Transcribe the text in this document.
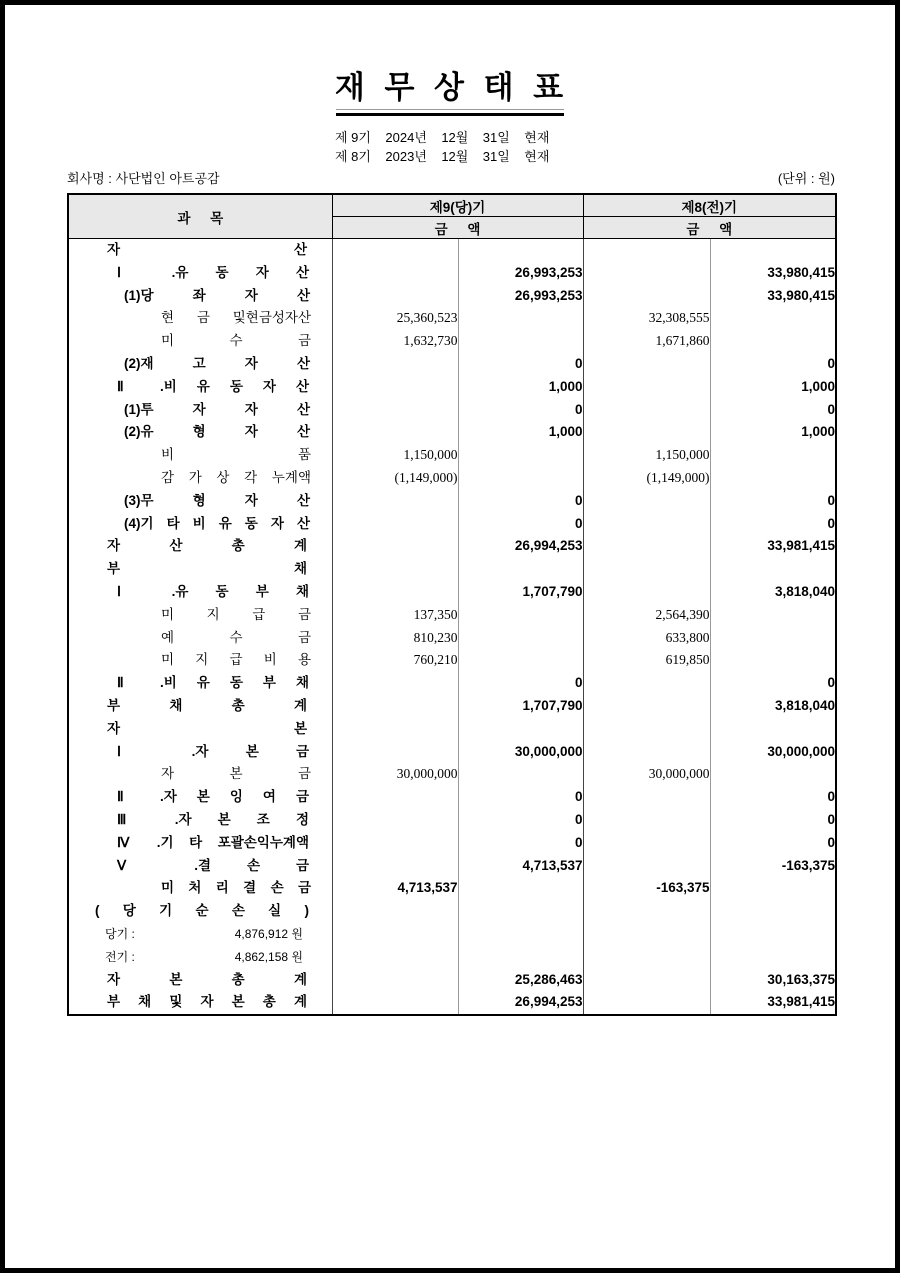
재 무 상 태 표
제 9기    2024년    12월    31일    현재
제 8기    2023년    12월    31일    현재
회사명 : 사단법인 아트공감	(단위 : 원)
과 목	제9(당)기		제8(전)기	
	금 액		금 액	

자 산				

Ⅰ .유 동 자 산		26,993,253		33,980,415

(1)당 좌 자 산		26,993,253		33,980,415

현 금 및현금성자산	25,360,523		32,308,555	

미 수 금	1,632,730		1,671,860	

(2)재 고 자 산		0		0

Ⅱ .비 유 동 자 산		1,000		1,000

(1)투 자 자 산		0		0

(2)유 형 자 산		1,000		1,000

비 품	1,150,000		1,150,000	

감 가 상 각 누계액	(1,149,000)		(1,149,000)	

(3)무 형 자 산		0		0

(4)기 타 비 유 동 자 산		0		0

자 산 총 계		26,994,253		33,981,415

부 채				

Ⅰ .유 동 부 채		1,707,790		3,818,040

미 지 급 금	137,350		2,564,390	

예 수 금	810,230		633,800	

미 지 급 비 용	760,210		619,850	

Ⅱ .비 유 동 부 채		0		0

부 채 총 계		1,707,790		3,818,040

자 본				

Ⅰ .자 본 금		30,000,000		30,000,000

자 본 금	30,000,000		30,000,000	

Ⅱ .자 본 잉 여 금		0		0

Ⅲ .자 본 조 정		0		0

Ⅳ .기 타 포괄손익누계액		0		0

Ⅴ .결 손 금		4,713,537		-163,375

미 처 리 결 손 금	4,713,537		-163,375	

( 당 기 순 손 실 )				

당기 : 4,876,912 원				

전기 : 4,862,158 원				

자 본 총 계		25,286,463		30,163,375

부 채 및 자 본 총 계		26,994,253		33,981,415
